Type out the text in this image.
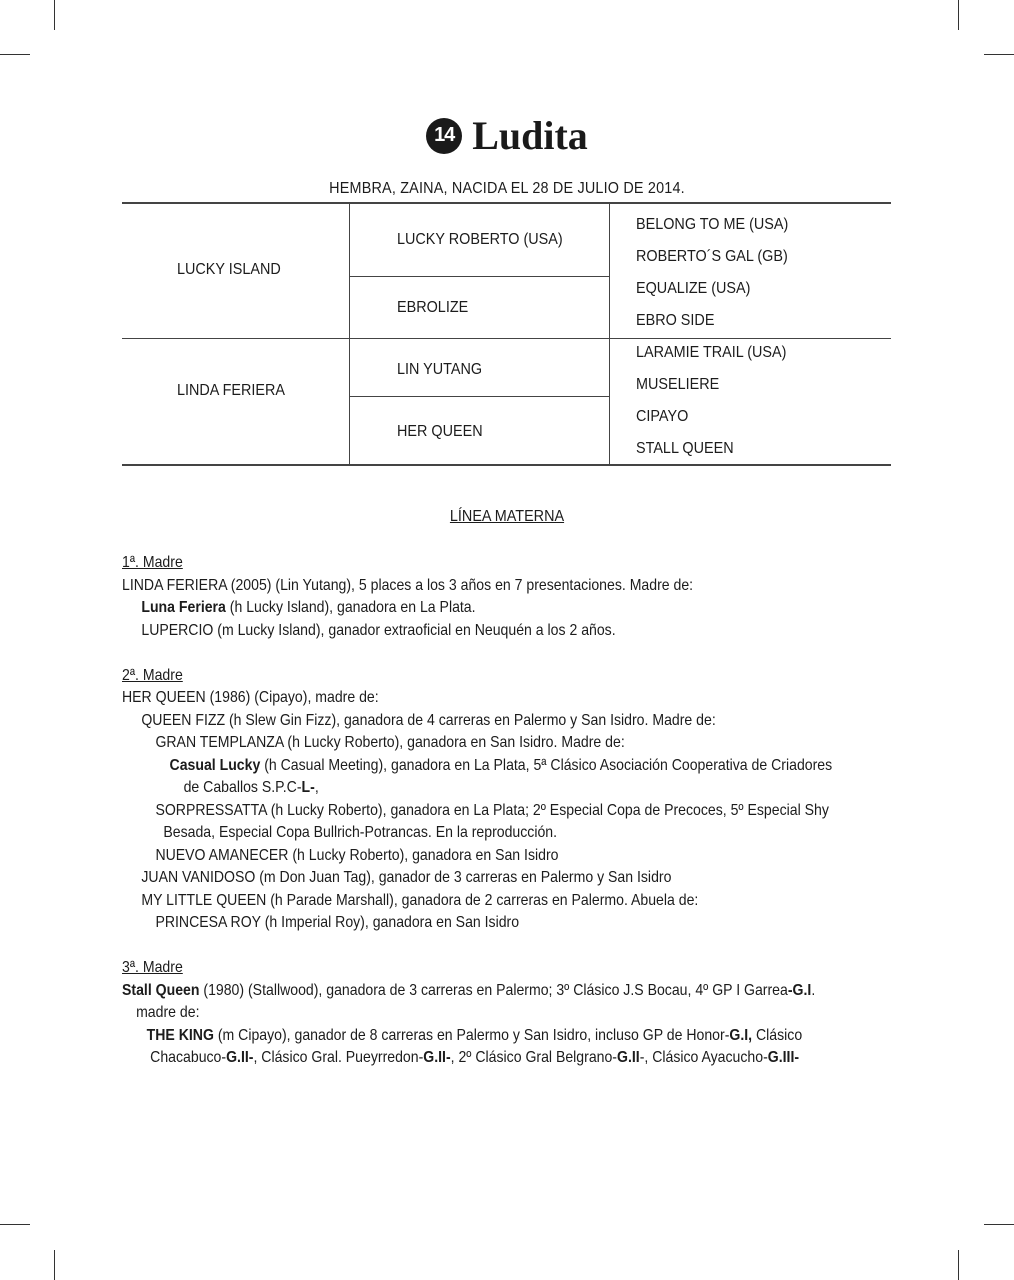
14 Ludita
HEMBRA, ZAINA, NACIDA EL 28 DE JULIO DE 2014.
LUCKY ISLAND
LINDA FERIERA
LUCKY ROBERTO (USA)
EBROLIZE
LIN YUTANG
HER QUEEN
BELONG TO ME (USA)
ROBERTO´S GAL (GB)
EQUALIZE (USA)
EBRO SIDE
LARAMIE TRAIL (USA)
MUSELIERE
CIPAYO
STALL QUEEN
LÍNEA MATERNA
1ª. Madre
LINDA FERIERA (2005) (Lin Yutang), 5 places a los 3 años en 7 presentaciones. Madre de:
Luna Feriera (h Lucky Island), ganadora en La Plata.
LUPERCIO (m Lucky Island), ganador extraoficial en Neuquén a los 2 años.
2ª. Madre
HER QUEEN (1986) (Cipayo), madre de:
QUEEN FIZZ (h Slew Gin Fizz), ganadora de 4 carreras en Palermo y San Isidro. Madre de:
GRAN TEMPLANZA (h Lucky Roberto), ganadora en San Isidro. Madre de:
Casual Lucky (h Casual Meeting), ganadora en La Plata, 5ª Clásico Asociación Cooperativa de Criadores
de Caballos S.P.C-L-,
SORPRESSATTA (h Lucky Roberto), ganadora en La Plata; 2º Especial Copa de Precoces, 5º Especial Shy
Besada, Especial Copa Bullrich-Potrancas. En la reproducción.
NUEVO AMANECER (h Lucky Roberto), ganadora en San Isidro
JUAN VANIDOSO (m Don Juan Tag), ganador de 3 carreras en Palermo y San Isidro
MY LITTLE QUEEN (h Parade Marshall), ganadora de 2 carreras en Palermo. Abuela de:
PRINCESA ROY (h Imperial Roy), ganadora en San Isidro
3ª. Madre
Stall Queen (1980) (Stallwood), ganadora de 3 carreras en Palermo; 3º Clásico J.S Bocau, 4º GP I Garrea-G.I.
madre de:
THE KING (m Cipayo), ganador de 8 carreras en Palermo y San Isidro, incluso GP de Honor-G.I, Clásico
Chacabuco-G.II-, Clásico Gral. Pueyrredon-G.II-, 2º Clásico Gral Belgrano-G.II-, Clásico Ayacucho-G.III-
